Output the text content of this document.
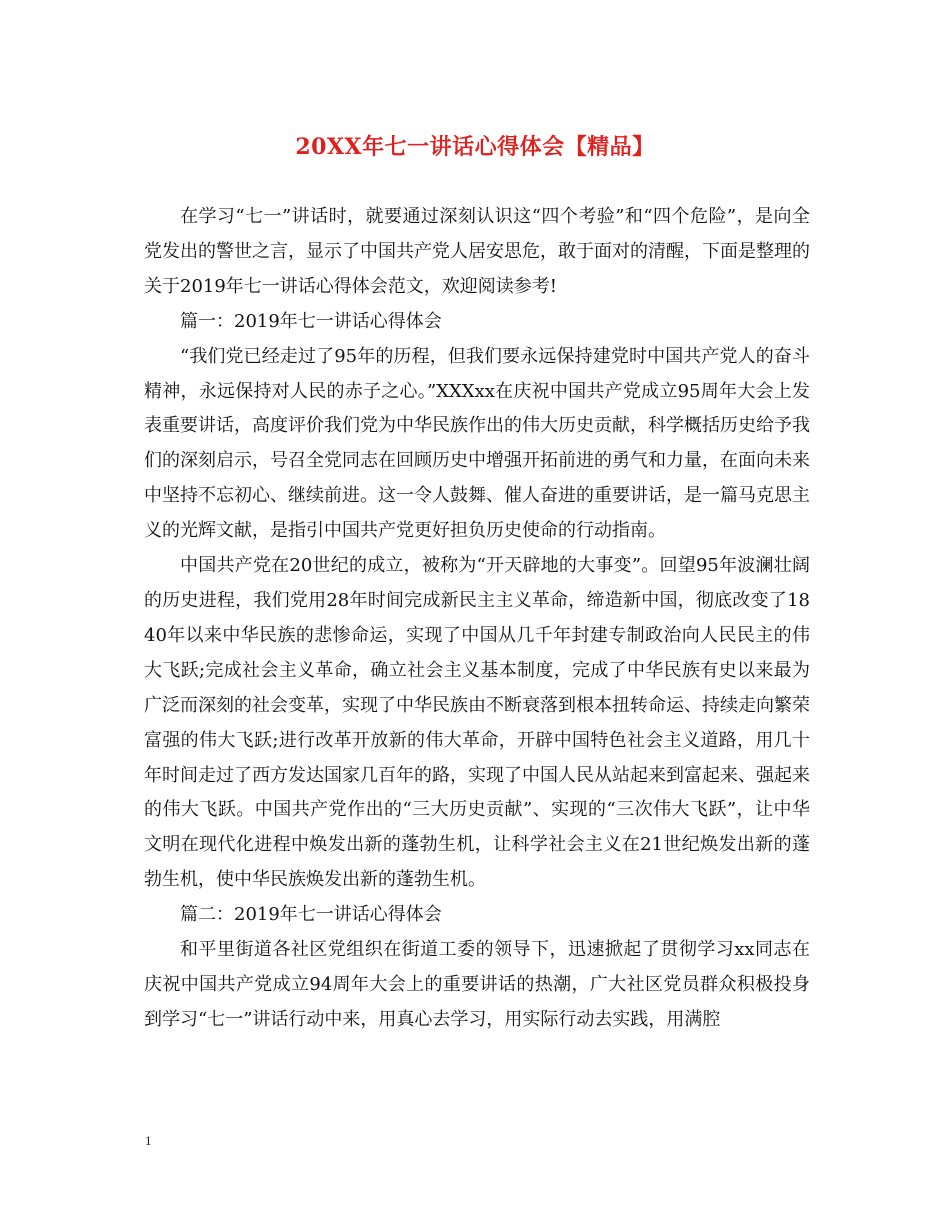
20XX年七一讲话心得体会【精品】

在学习“七一”讲话时，就要通过深刻认识这“四个考验”和“四个危险”，是向全党发出的警世之言，显示了中国共产党人居安思危，敢于面对的清醒，下面是整理的关于2019年七一讲话心得体会范文，欢迎阅读参考!

篇一：2019年七一讲话心得体会

“我们党已经走过了95年的历程，但我们要永远保持建党时中国共产党人的奋斗精神，永远保持对人民的赤子之心。”XXXxx在庆祝中国共产党成立95周年大会上发表重要讲话，高度评价我们党为中华民族作出的伟大历史贡献，科学概括历史给予我们的深刻启示，号召全党同志在回顾历史中增强开拓前进的勇气和力量，在面向未来中坚持不忘初心、继续前进。这一令人鼓舞、催人奋进的重要讲话，是一篇马克思主义的光辉文献，是指引中国共产党更好担负历史使命的行动指南。

中国共产党在20世纪的成立，被称为“开天辟地的大事变”。回望95年波澜壮阔的历史进程，我们党用28年时间完成新民主主义革命，缔造新中国，彻底改变了1840年以来中华民族的悲惨命运，实现了中国从几千年封建专制政治向人民民主的伟大飞跃;完成社会主义革命，确立社会主义基本制度，完成了中华民族有史以来最为广泛而深刻的社会变革，实现了中华民族由不断衰落到根本扭转命运、持续走向繁荣富强的伟大飞跃;进行改革开放新的伟大革命，开辟中国特色社会主义道路，用几十年时间走过了西方发达国家几百年的路，实现了中国人民从站起来到富起来、强起来的伟大飞跃。中国共产党作出的“三大历史贡献”、实现的“三次伟大飞跃”，让中华文明在现代化进程中焕发出新的蓬勃生机，让科学社会主义在21世纪焕发出新的蓬勃生机，使中华民族焕发出新的蓬勃生机。

篇二：2019年七一讲话心得体会

和平里街道各社区党组织在街道工委的领导下，迅速掀起了贯彻学习xx同志在庆祝中国共产党成立94周年大会上的重要讲话的热潮，广大社区党员群众积极投身到学习“七一”讲话行动中来，用真心去学习，用实际行动去实践，用满腔

1
